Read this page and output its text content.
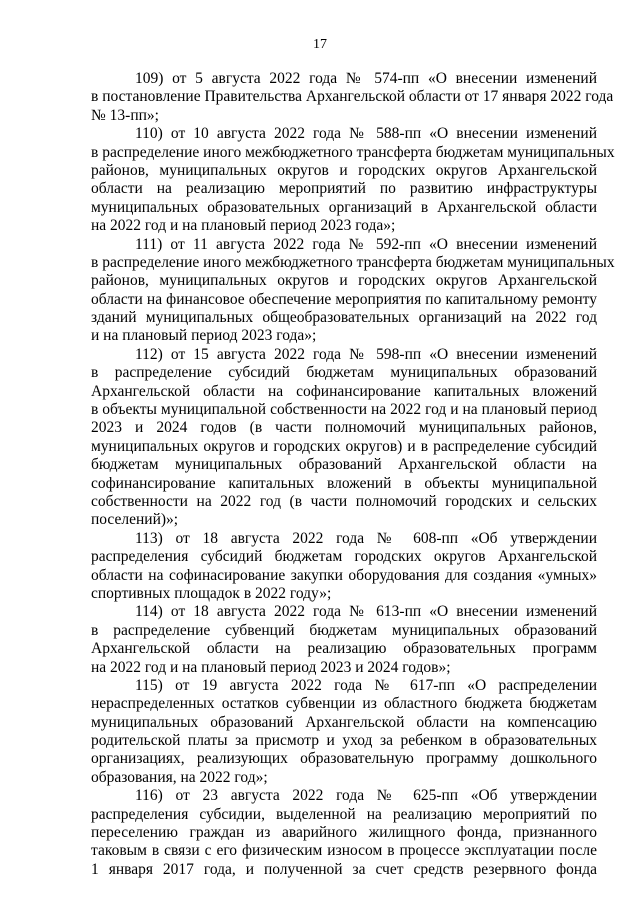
17
109) от 5 августа 2022 года № 574-пп «О внесении изменений
в постановление Правительства Архангельской области от 17 января 2022 года
№ 13-пп»;
110) от 10 августа 2022 года № 588-пп «О внесении изменений
в распределение иного межбюджетного трансферта бюджетам муниципальных
районов, муниципальных округов и городских округов Архангельской
области на реализацию мероприятий по развитию инфраструктуры
муниципальных образовательных организаций в Архангельской области
на 2022 год и на плановый период 2023 года»;
111) от 11 августа 2022 года № 592-пп «О внесении изменений
в распределение иного межбюджетного трансферта бюджетам муниципальных
районов, муниципальных округов и городских округов Архангельской
области на финансовое обеспечение мероприятия по капитальному ремонту
зданий муниципальных общеобразовательных организаций на 2022 год
и на плановый период 2023 года»;
112) от 15 августа 2022 года № 598-пп «О внесении изменений
в распределение субсидий бюджетам муниципальных образований
Архангельской области на софинансирование капитальных вложений
в объекты муниципальной собственности на 2022 год и на плановый период
2023 и 2024 годов (в части полномочий муниципальных районов,
муниципальных округов и городских округов) и в распределение субсидий
бюджетам муниципальных образований Архангельской области на
софинансирование капитальных вложений в объекты муниципальной
собственности на 2022 год (в части полномочий городских и сельских
поселений)»;
113) от 18 августа 2022 года № 608-пп «Об утверждении
распределения субсидий бюджетам городских округов Архангельской
области на софинасирование закупки оборудования для создания «умных»
спортивных площадок в 2022 году»;
114) от 18 августа 2022 года № 613-пп «О внесении изменений
в распределение субвенций бюджетам муниципальных образований
Архангельской области на реализацию образовательных программ
на 2022 год и на плановый период 2023 и 2024 годов»;
115) от 19 августа 2022 года № 617-пп «О распределении
нераспределенных остатков субвенции из областного бюджета бюджетам
муниципальных образований Архангельской области на компенсацию
родительской платы за присмотр и уход за ребенком в образовательных
организациях, реализующих образовательную программу дошкольного
образования, на 2022 год»;
116) от 23 августа 2022 года № 625-пп «Об утверждении
распределения субсидии, выделенной на реализацию мероприятий по
переселению граждан из аварийного жилищного фонда, признанного
таковым в связи с его физическим износом в процессе эксплуатации после
1 января 2017 года, и полученной за счет средств резервного фонда
